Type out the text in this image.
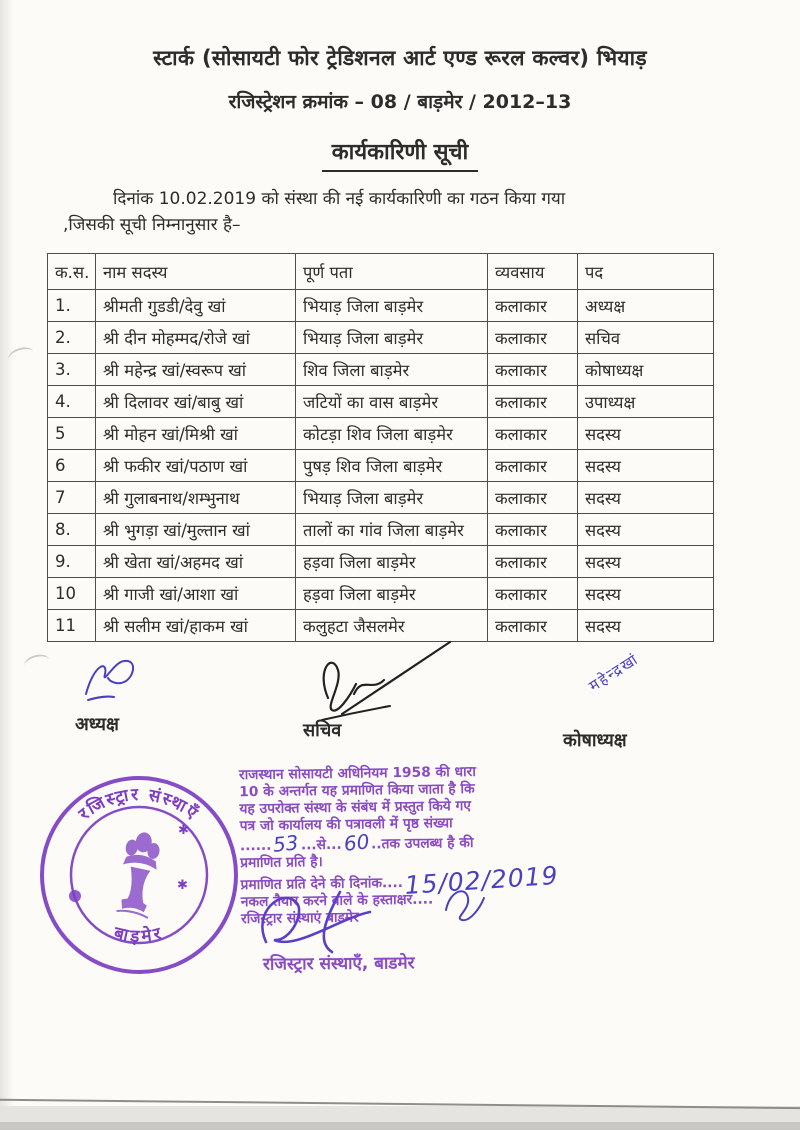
स्टार्क (सोसायटी फोर ट्रेडिशनल आर्ट एण्ड रूरल कल्वर) भियाड़
रजिस्ट्रेशन क्रमांक – 08 / बाड़मेर / 2012–13
कार्यकारिणी सूची
दिनांक 10.02.2019 को संस्था की नई कार्यकारिणी का गठन किया गया
,जिसकी सूची निम्नानुसार है–
क.स.	नाम सदस्य	पूर्ण पता	व्यवसाय	पद
1.	श्रीमती गुडडी/देवु खां	भियाड़ जिला बाड़मेर	कलाकार	अध्यक्ष
2.	श्री दीन मोहम्मद/रोजे खां	भियाड़ जिला बाड़मेर	कलाकार	सचिव
3.	श्री महेन्द्र खां/स्वरूप खां	शिव जिला बाड़मेर	कलाकार	कोषाध्यक्ष
4.	श्री दिलावर खां/बाबु खां	जटियों का वास बाड़मेर	कलाकार	उपाध्यक्ष
5	श्री मोहन खां/मिश्री खां	कोटड़ा शिव जिला बाड़मेर	कलाकार	सदस्य
6	श्री फकीर खां/पठाण खां	पुषड़ शिव जिला बाड़मेर	कलाकार	सदस्य
7	श्री गुलाबनाथ/शम्भुनाथ	भियाड़ जिला बाड़मेर	कलाकार	सदस्य
8.	श्री भुगड़ा खां/मुल्तान खां	तालों का गांव जिला बाड़मेर	कलाकार	सदस्य
9.	श्री खेता खां/अहमद खां	हड़वा जिला बाड़मेर	कलाकार	सदस्य
10	श्री गाजी खां/आशा खां	हड़वा जिला बाड़मेर	कलाकार	सदस्य
11	श्री सलीम खां/हाकम खां	कलुहटा जैसलमेर	कलाकार	सदस्य
अध्यक्ष	सचिव
महेन्द्रखां
कोषाध्यक्ष
रजिस्ट्रार संस्थाएँ
बाड़मेर
✱
✱
राजस्थान सोसायटी अधिनियम 1958 की धारा
10 के अन्तर्गत यह प्रमाणित किया जाता है कि
यह उपरोक्त संस्था के संबंध में प्रस्तुत किये गए
पत्र जो कार्यालय की पत्रावली में पृष्ठ संख्या
......53...से...60..तक उपलब्ध है की
प्रमाणित प्रति है।
प्रमाणित प्रति देने की दिनांक....15/02/2019
नकल तैयार करने वाले के हस्ताक्षर....
रजिस्ट्रार संस्थाएं बाडमेर
रजिस्ट्रार संस्थाएँ, बाडमेर
